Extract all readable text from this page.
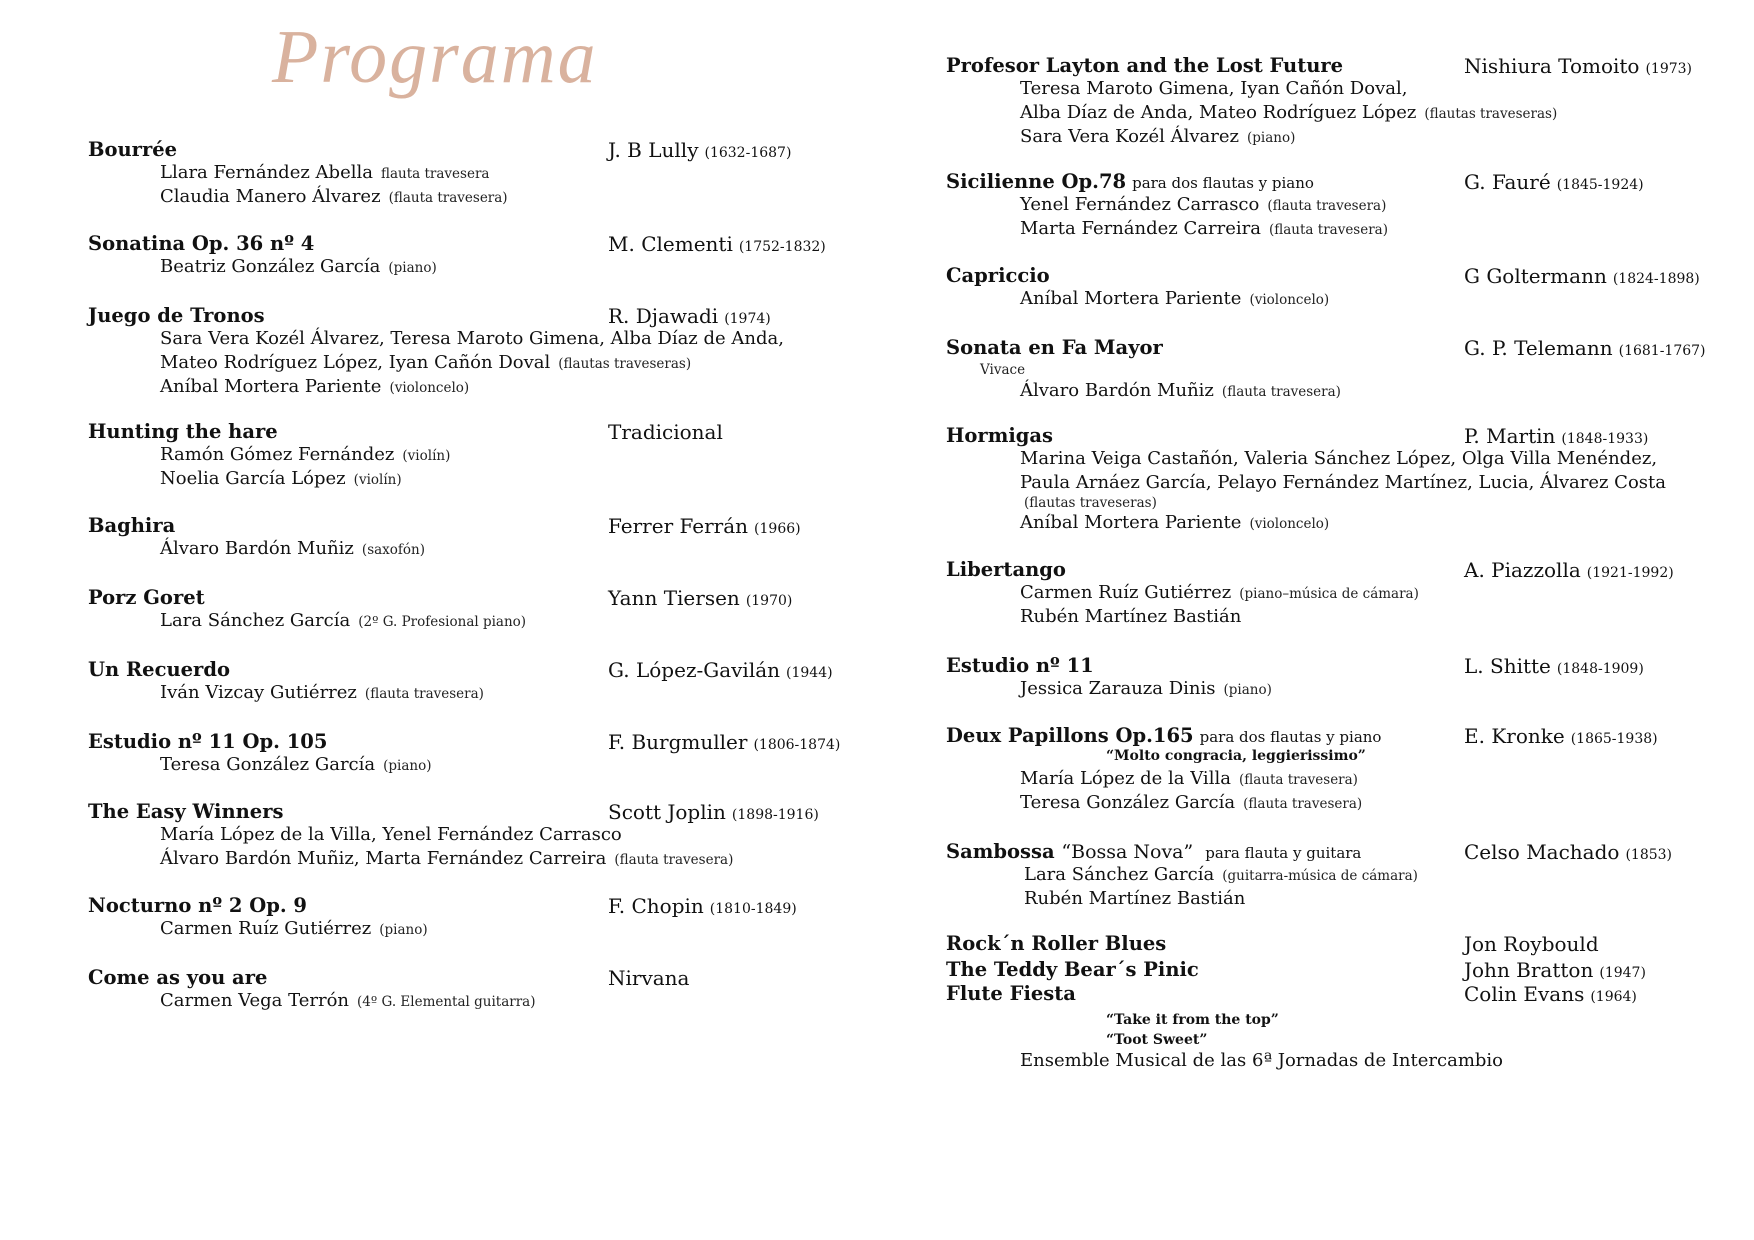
Programa
Bourrée	J. B Lully (1632-1687)
Llara Fernández Abella flauta travesera
Claudia Manero Álvarez (flauta travesera)
Sonatina Op. 36 nº 4	M. Clementi (1752-1832)
Beatriz González García (piano)
Juego de Tronos	R. Djawadi (1974)
Sara Vera Kozél Álvarez, Teresa Maroto Gimena, Alba Díaz de Anda,
Mateo Rodríguez López, Iyan Cañón Doval (flautas traveseras)
Aníbal Mortera Pariente (violoncelo)
Hunting the hare	Tradicional
Ramón Gómez Fernández (violín)
Noelia García López (violín)
Baghira	Ferrer Ferrán (1966)
Álvaro Bardón Muñiz (saxofón)
Porz Goret	Yann Tiersen (1970)
Lara Sánchez García (2º G. Profesional piano)
Un Recuerdo	G. López-Gavilán (1944)
Iván Vizcay Gutiérrez (flauta travesera)
Estudio nº 11 Op. 105	F. Burgmuller (1806-1874)
Teresa González García (piano)
The Easy Winners	Scott Joplin (1898-1916)
María López de la Villa, Yenel Fernández Carrasco
Álvaro Bardón Muñiz, Marta Fernández Carreira (flauta travesera)
Nocturno nº 2 Op. 9	F. Chopin (1810-1849)
Carmen Ruíz Gutiérrez (piano)
Come as you are	Nirvana
Carmen Vega Terrón (4º G. Elemental guitarra)
Profesor Layton and the Lost Future	Nishiura Tomoito (1973)
Teresa Maroto Gimena, Iyan Cañón Doval,
Alba Díaz de Anda, Mateo Rodríguez López (flautas traveseras)
Sara Vera Kozél Álvarez (piano)
Sicilienne Op.78 para dos flautas y piano	G. Fauré (1845-1924)
Yenel Fernández Carrasco (flauta travesera)
Marta Fernández Carreira (flauta travesera)
Capriccio	G Goltermann (1824-1898)
Aníbal Mortera Pariente (violoncelo)
Sonata en Fa Mayor	G. P. Telemann (1681-1767)
Vivace
Álvaro Bardón Muñiz (flauta travesera)
Hormigas	P. Martin (1848-1933)
Marina Veiga Castañón, Valeria Sánchez López, Olga Villa Menéndez,
Paula Arnáez García, Pelayo Fernández Martínez, Lucia, Álvarez Costa
(flautas traveseras)
Aníbal Mortera Pariente (violoncelo)
Libertango	A. Piazzolla (1921-1992)
Carmen Ruíz Gutiérrez (piano–música de cámara)
Rubén Martínez Bastián
Estudio nº 11	L. Shitte (1848-1909)
Jessica Zarauza Dinis (piano)
Deux Papillons Op.165 para dos flautas y piano	E. Kronke (1865-1938)
“Molto congracia, leggierissimo”
María López de la Villa (flauta travesera)
Teresa González García (flauta travesera)
Sambossa “Bossa Nova” para flauta y guitara	Celso Machado (1853)
Lara Sánchez García (guitarra-música de cámara)
Rubén Martínez Bastián
Rock´n Roller Blues	Jon Roybould
The Teddy Bear´s Pinic	John Bratton (1947)
Flute Fiesta	Colin Evans (1964)
“Take it from the top”
“Toot Sweet”
Ensemble Musical de las 6ª Jornadas de Intercambio
